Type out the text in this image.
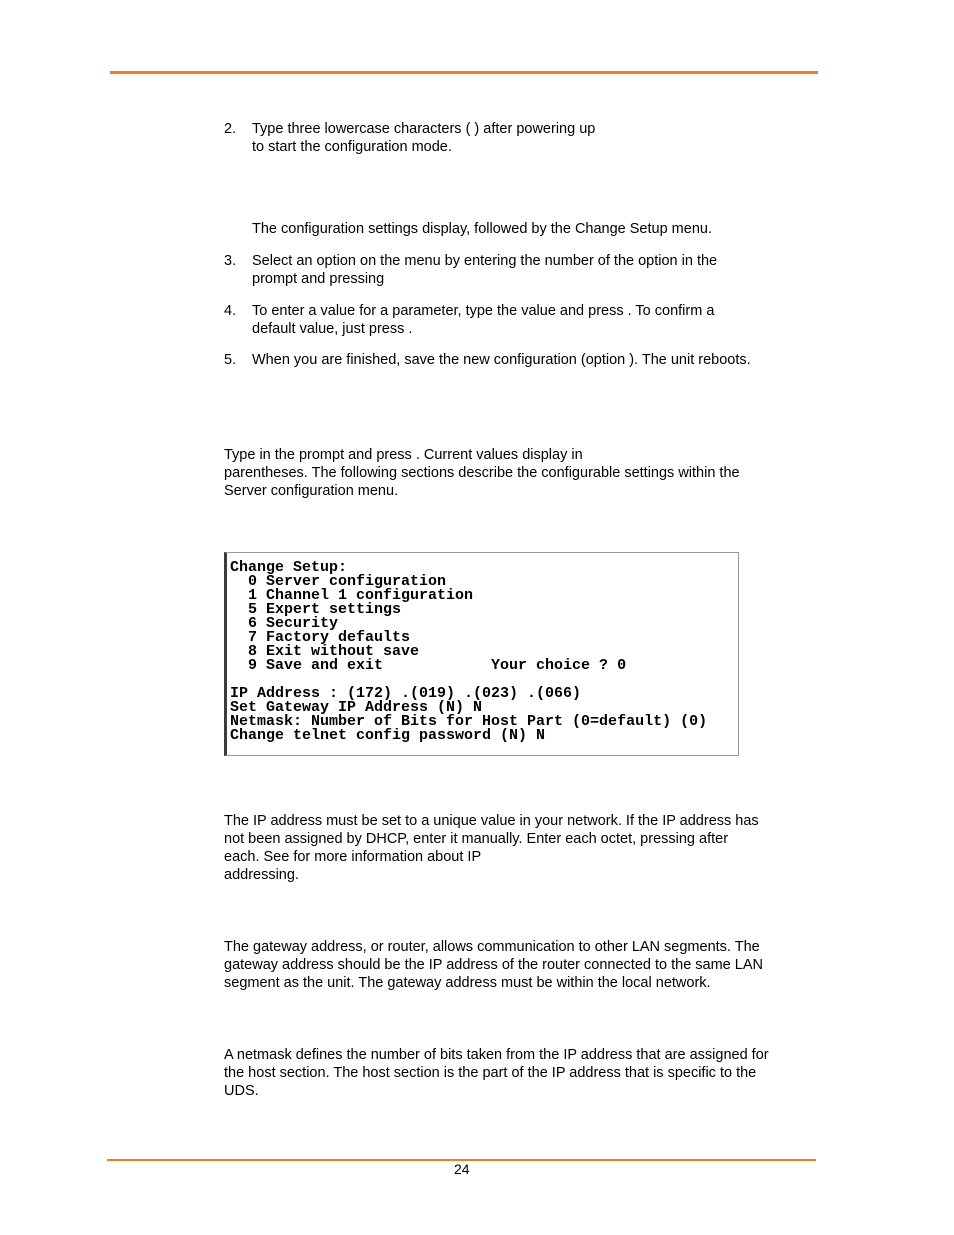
2. Type three lowercase characters ( ) after powering up
to start the configuration mode.
The configuration settings display, followed by the Change Setup menu.
3. Select an option on the menu by entering the number of the option in the
prompt and pressing
4. To enter a value for a parameter, type the value and press . To confirm a
default value, just press .
5. When you are finished, save the new configuration (option ). The unit reboots.
Type in the prompt and press . Current values display in
parentheses. The following sections describe the configurable settings within the
Server configuration menu.
Change Setup:
0 Server configuration
1 Channel 1 configuration
5 Expert settings
6 Security
7 Factory defaults
8 Exit without save
9 Save and exit            Your choice ? 0
IP Address : (172) .(019) .(023) .(066)
Set Gateway IP Address (N) N
Netmask: Number of Bits for Host Part (0=default) (0)
Change telnet config password (N) N
The IP address must be set to a unique value in your network. If the IP address has
not been assigned by DHCP, enter it manually. Enter each octet, pressing after
each. See for more information about IP
addressing.
The gateway address, or router, allows communication to other LAN segments. The
gateway address should be the IP address of the router connected to the same LAN
segment as the unit. The gateway address must be within the local network.
A netmask defines the number of bits taken from the IP address that are assigned for
the host section. The host section is the part of the IP address that is specific to the
UDS.
24
